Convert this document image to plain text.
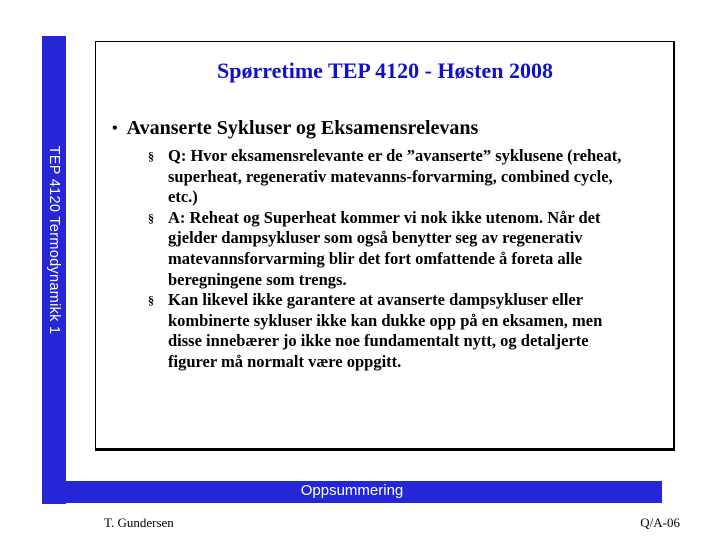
TEP 4120 Termodynamikk 1
Spørretime TEP 4120 - Høsten 2008
• Avanserte Sykluser og Eksamensrelevans
§ Q: Hvor eksamensrelevante er de ”avanserte” syklusene (reheat, superheat, regenerativ matevanns-forvarming, combined cycle, etc.)
§ A: Reheat og Superheat kommer vi nok ikke utenom. Når det gjelder dampsykluser som også benytter seg av regenerativ matevannsforvarming blir det fort omfattende å foreta alle beregningene som trengs.
§ Kan likevel ikke garantere at avanserte dampsykluser eller kombinerte sykluser ikke kan dukke opp på en eksamen, men disse innebærer jo ikke noe fundamentalt nytt, og detaljerte figurer må normalt være oppgitt.
Oppsummering
T. Gundersen	Q/A-06
